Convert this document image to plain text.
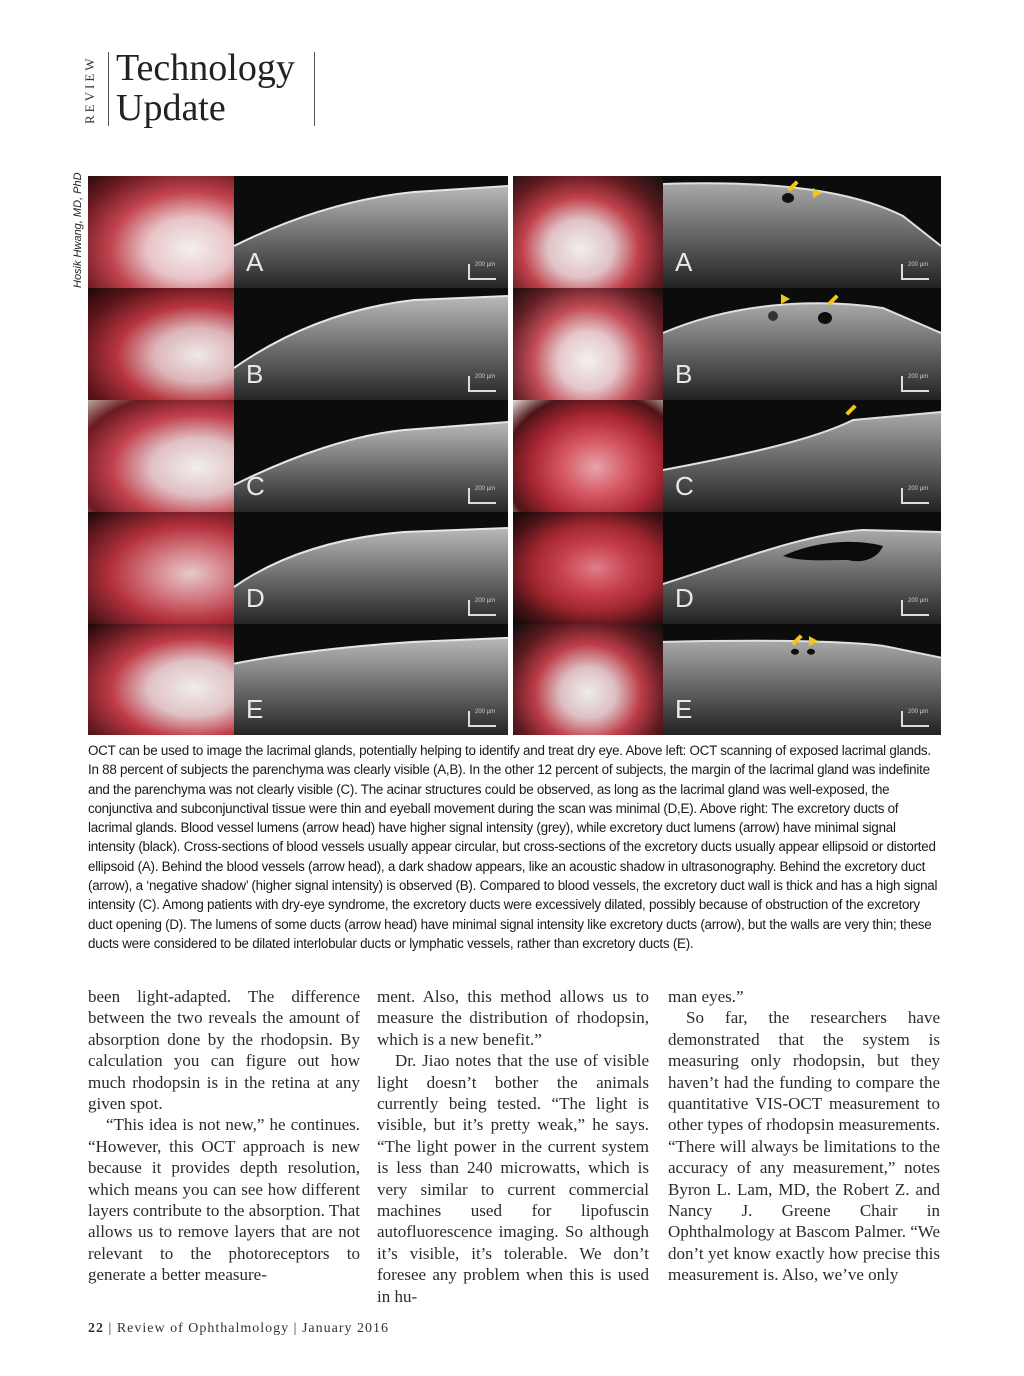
REVIEW Technology
Update
Hosik Hwang, MD, PhD	A	200 µm
B	200 µm
C	200 µm
D	200 µm
E	200 µm
A	200 µm
B	200 µm
C	200 µm
D	200 µm
E	200 µm

OCT can be used to image the lacrimal glands, potentially helping to identify and treat dry eye. Above left: OCT scanning of exposed lacrimal glands. In 88 percent of subjects the parenchyma was clearly visible (A,B). In the other 12 percent of subjects, the margin of the lacrimal gland was indefinite and the parenchyma was not clearly visible (C). The acinar structures could be observed, as long as the lacrimal gland was well-exposed, the conjunctiva and subconjunctival tissue were thin and eyeball movement during the scan was minimal (D,E). Above right: The excretory ducts of lacrimal glands. Blood vessel lumens (arrow head) have higher signal intensity (grey), while excretory duct lumens (arrow) have minimal signal intensity (black). Cross-sections of blood vessels usually appear circular, but cross-sections of the excretory ducts usually appear ellipsoid or distorted ellipsoid (A). Behind the blood vessels (arrow head), a dark shadow appears, like an acoustic shadow in ultrasonography. Behind the excretory duct (arrow), a ‘negative shadow’ (higher signal intensity) is observed (B). Compared to blood vessels, the excretory duct wall is thick and has a high signal intensity (C). Among patients with dry-eye syndrome, the excretory ducts were excessively dilated, possibly because of obstruction of the excretory duct opening (D). The lumens of some ducts (arrow head) have minimal signal intensity like excretory ducts (arrow), but the walls are very thin; these ducts were considered to be dilated interlobular ducts or lymphatic vessels, rather than excretory ducts (E).

been light-adapted. The difference between the two reveals the amount of absorption done by the rhodopsin. By calculation you can figure out how much rhodopsin is in the retina at any given spot.

“This idea is not new,” he continues. “However, this OCT approach is new because it provides depth resolution, which means you can see how different layers contribute to the absorption. That allows us to remove layers that are not relevant to the photoreceptors to generate a better measure-

ment. Also, this method allows us to measure the distribution of rhodopsin, which is a new benefit.”

Dr. Jiao notes that the use of visible light doesn’t bother the animals currently being tested. “The light is visible, but it’s pretty weak,” he says. “The light power in the current system is less than 240 microwatts, which is very similar to current commercial machines used for lipofuscin autofluorescence imaging. So although it’s visible, it’s tolerable. We don’t foresee any problem when this is used in hu-

man eyes.”

So far, the researchers have demonstrated that the system is measuring only rhodopsin, but they haven’t had the funding to compare the quantitative VIS-OCT measurement to other types of rhodopsin measurements. “There will always be limitations to the accuracy of any measurement,” notes Byron L. Lam, MD, the Robert Z. and Nancy J. Greene Chair in Ophthalmology at Bascom Palmer. “We don’t yet know exactly how precise this measurement is. Also, we’ve only

22 | Review of Ophthalmology | January 2016
